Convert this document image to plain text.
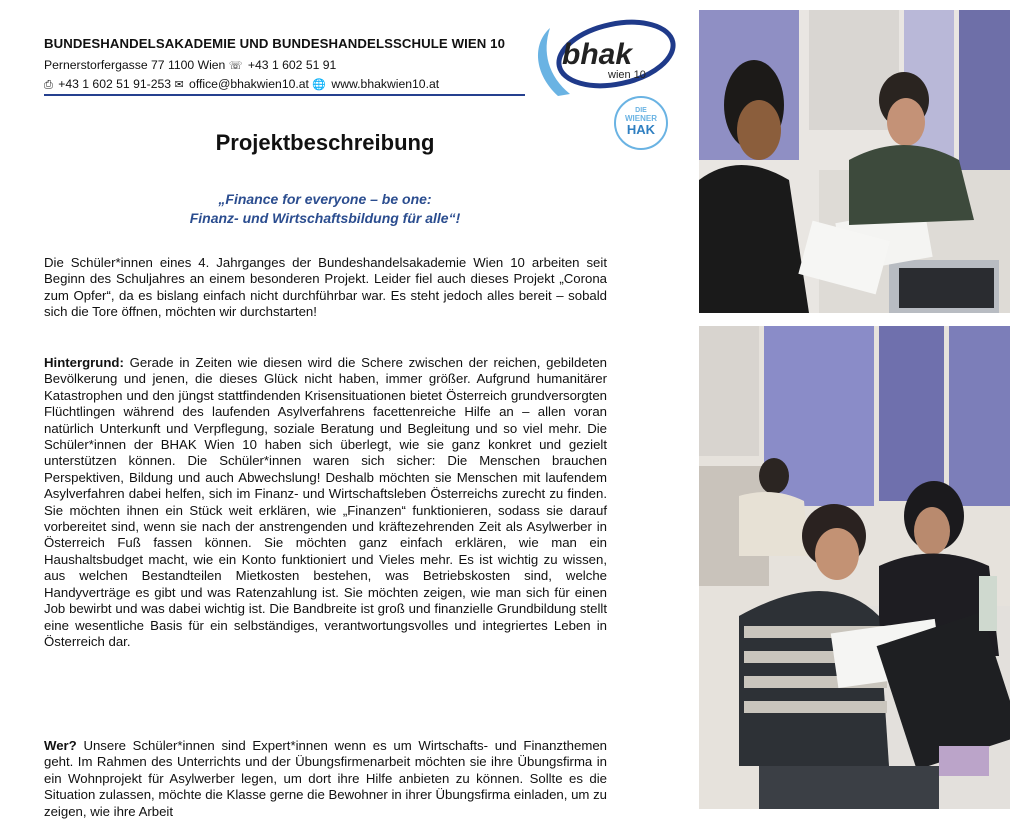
BUNDESHANDELSAKADEMIE UND BUNDESHANDELSSCHULE WIEN 10
Pernerstorfergasse 77 1100 Wien ☏ +43 1 602 51 91
⎙ +43 1 602 51 91-253 ✉ office@bhakwien10.at 🌐 www.bhakwien10.at
bhak
wien 10
DIE
WIENER
HAK
Projektbeschreibung
„Finance for everyone – be one:
Finanz- und Wirtschaftsbildung für alle“!
Die Schüler*innen eines 4. Jahrganges der Bundeshandelsakademie Wien 10 arbeiten seit Beginn des Schuljahres an einem besonderen Projekt. Leider fiel auch dieses Projekt „Corona zum Opfer“, da es bislang einfach nicht durchführbar war. Es steht jedoch alles bereit – sobald sich die Tore öffnen, möchten wir durchstarten!
Hintergrund: Gerade in Zeiten wie diesen wird die Schere zwischen der reichen, gebildeten Bevölkerung und jenen, die dieses Glück nicht haben, immer größer. Aufgrund humanitärer Katastrophen und den jüngst stattfindenden Krisensituationen bietet Österreich grundversorgten Flüchtlingen während des laufenden Asylverfahrens facettenreiche Hilfe an – allen voran natürlich Unterkunft und Verpflegung, soziale Beratung und Begleitung und so viel mehr. Die Schüler*innen der BHAK Wien 10 haben sich überlegt, wie sie ganz konkret und gezielt unterstützen können. Die Schüler*innen waren sich sicher: Die Menschen brauchen Perspektiven, Bildung und auch Abwechslung! Deshalb möchten sie Menschen mit laufendem Asylverfahren dabei helfen, sich im Finanz- und Wirtschaftsleben Österreichs zurecht zu finden. Sie möchten ihnen ein Stück weit erklären, wie „Finanzen“ funktionieren, sodass sie darauf vorbereitet sind, wenn sie nach der anstrengenden und kräftezehrenden Zeit als Asylwerber in Österreich Fuß fassen können. Sie möchten ganz einfach erklären, wie man ein Haushaltsbudget macht, wie ein Konto funktioniert und Vieles mehr. Es ist wichtig zu wissen, aus welchen Bestandteilen Mietkosten bestehen, was Betriebskosten sind, welche Handyverträge es gibt und was Ratenzahlung ist. Sie möchten zeigen, wie man sich für einen Job bewirbt und was dabei wichtig ist. Die Bandbreite ist groß und finanzielle Grundbildung stellt eine wesentliche Basis für ein selbständiges, verantwortungsvolles und integriertes Leben in Österreich dar.
Wer? Unsere Schüler*innen sind Expert*innen wenn es um Wirtschafts- und Finanzthemen geht. Im Rahmen des Unterrichts und der Übungsfirmenarbeit möchten sie ihre Übungsfirma in ein Wohnprojekt für Asylwerber legen, um dort ihre Hilfe anbieten zu können. Sollte es die Situation zulassen, möchte die Klasse gerne die Bewohner in ihrer Übungsfirma einladen, um zu zeigen, wie ihre Arbeit
